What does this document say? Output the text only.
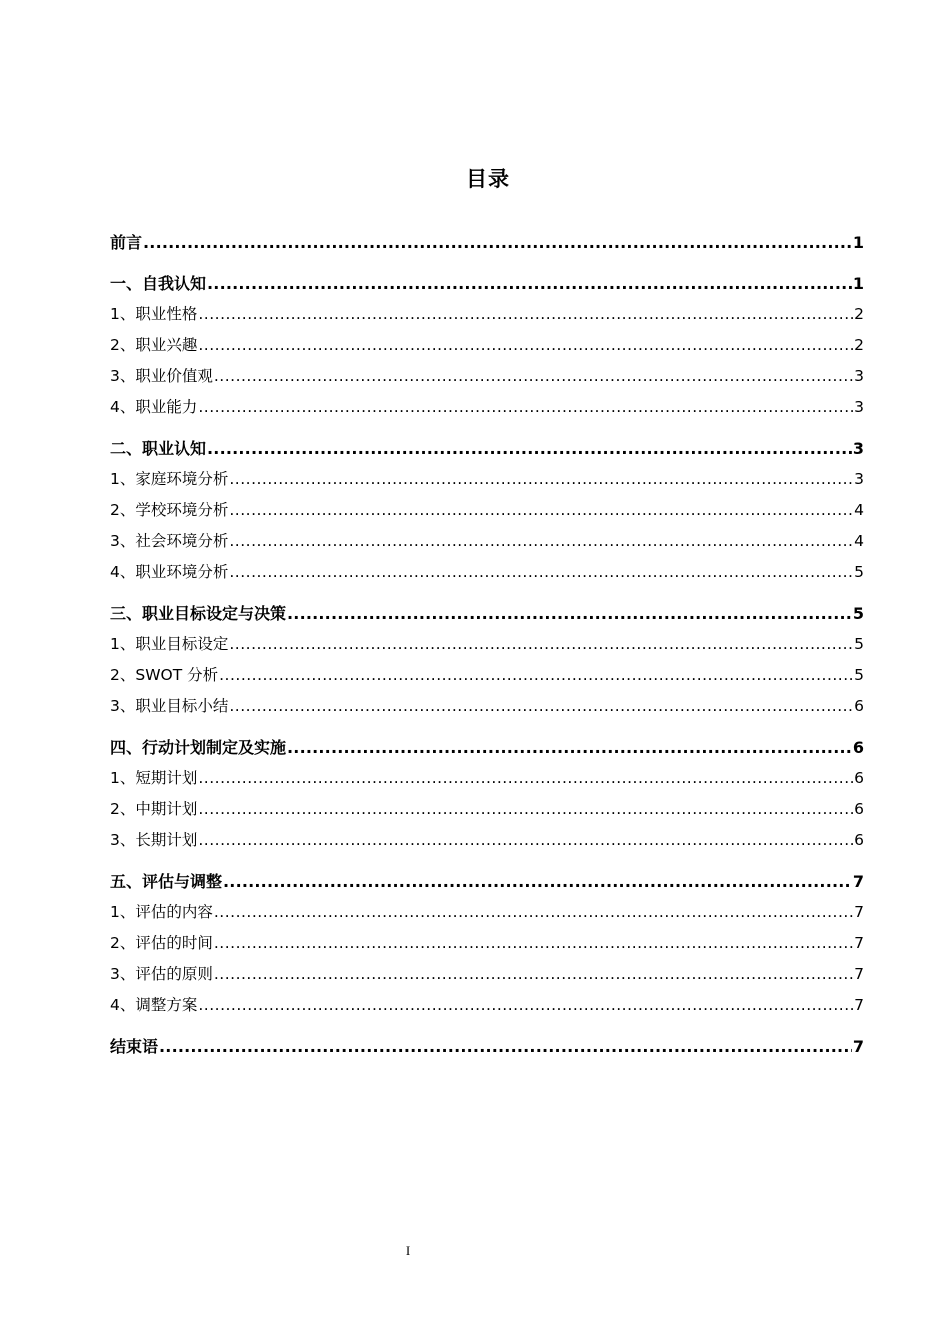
目录
前言 .....	1
一、自我认知 .....	1
1、职业性格 .....	2
2、职业兴趣 .....	2
3、职业价值观 .....	3
4、职业能力 .....	3
二、职业认知 .....	3
1、家庭环境分析 .....	3
2、学校环境分析 .....	4
3、社会环境分析 .....	4
4、职业环境分析 .....	5
三、职业目标设定与决策 .....	5
1、职业目标设定 .....	5
2、SWOT 分析 .....	5
3、职业目标小结 .....	6
四、行动计划制定及实施 .....	6
1、短期计划 .....	6
2、中期计划 .....	6
3、长期计划 .....	6
五、评估与调整 .....	7
1、评估的内容 .....	7
2、评估的时间 .....	7
3、评估的原则 .....	7
4、调整方案 .....	7
结束语 .....	7
I
